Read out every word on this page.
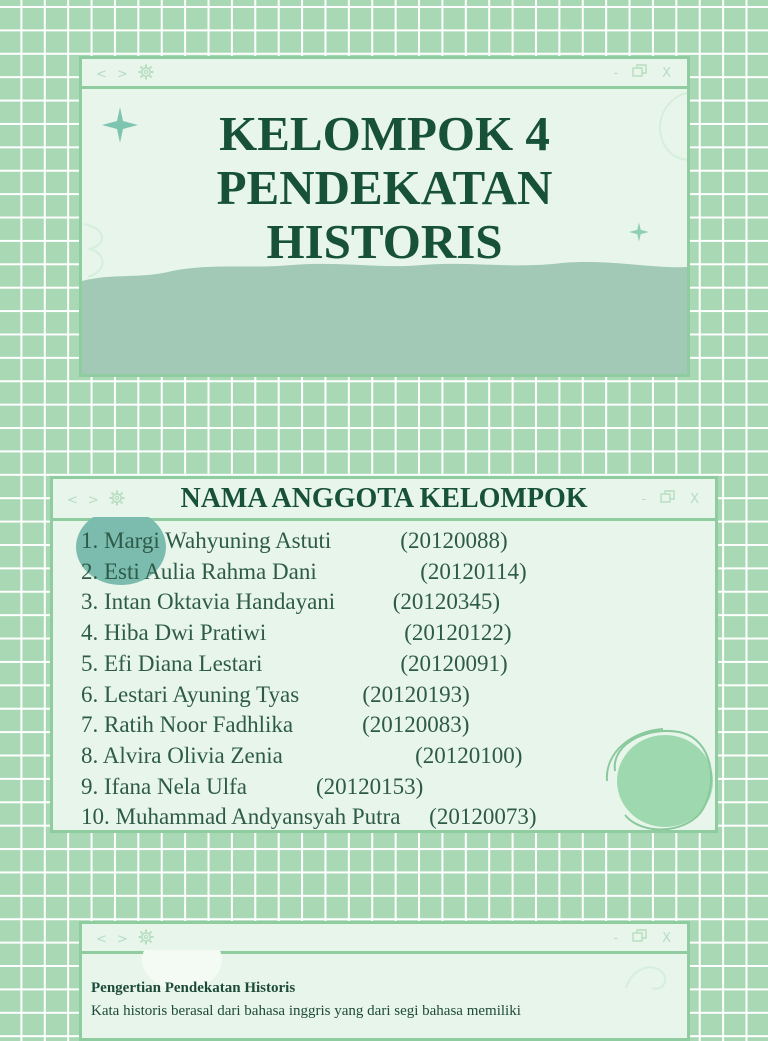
< >	-	X
KELOMPOK 4
PENDEKATAN
HISTORIS
< >	NAMA ANGGOTA KELOMPOK	-	X
1. Margi Wahyuning Astuti            (20120088)
2. Esti Aulia Rahma Dani                  (20120114)
3. Intan Oktavia Handayani          (20120345)
4. Hiba Dwi Pratiwi                        (20120122)
5. Efi Diana Lestari                        (20120091)
6. Lestari Ayuning Tyas           (20120193)
7. Ratih Noor Fadhlika            (20120083)
8. Alvira Olivia Zenia                       (20120100)
9. Ifana Nela Ulfa            (20120153)
10. Muhammad Andyansyah Putra     (20120073)
< >	-	X
Pengertian Pendekatan Historis
Kata historis berasal dari bahasa inggris yang dari segi bahasa memiliki
